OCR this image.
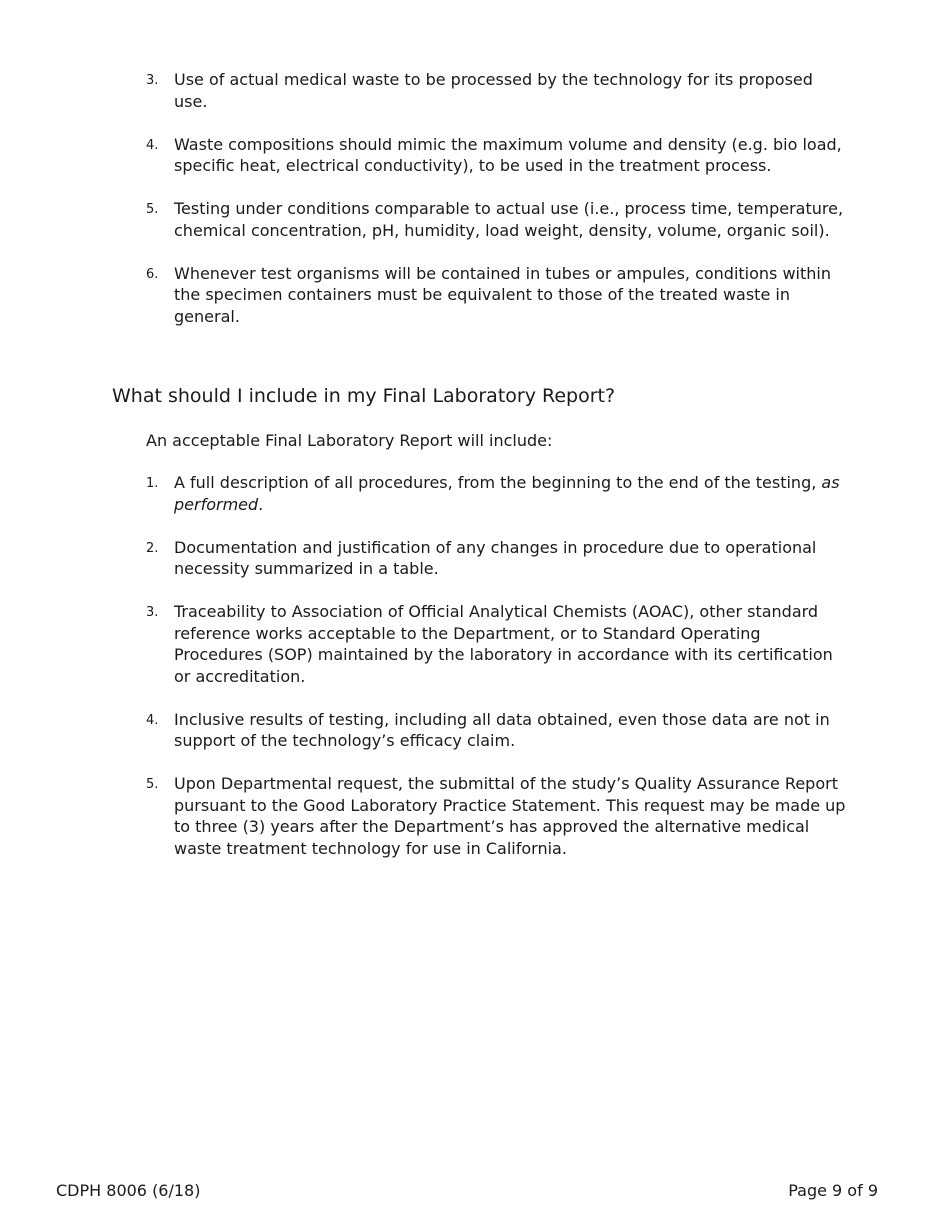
3. Use of actual medical waste to be processed by the technology for its proposed use.
4. Waste compositions should mimic the maximum volume and density (e.g. bio load, specific heat, electrical conductivity), to be used in the treatment process.
5. Testing under conditions comparable to actual use (i.e., process time, temperature, chemical concentration, pH, humidity, load weight, density, volume, organic soil).
6. Whenever test organisms will be contained in tubes or ampules, conditions within the specimen containers must be equivalent to those of the treated waste in general.
What should I include in my Final Laboratory Report?

An acceptable Final Laboratory Report will include:

1. A full description of all procedures, from the beginning to the end of the testing, as performed.
2. Documentation and justification of any changes in procedure due to operational necessity summarized in a table.
3. Traceability to Association of Official Analytical Chemists (AOAC), other standard reference works acceptable to the Department, or to Standard Operating Procedures (SOP) maintained by the laboratory in accordance with its certification or accreditation.
4. Inclusive results of testing, including all data obtained, even those data are not in support of the technology’s efficacy claim.
5. Upon Departmental request, the submittal of the study’s Quality Assurance Report pursuant to the Good Laboratory Practice Statement. This request may be made up to three (3) years after the Department’s has approved the alternative medical waste treatment technology for use in California.
CDPH 8006 (6/18)	Page 9 of 9
